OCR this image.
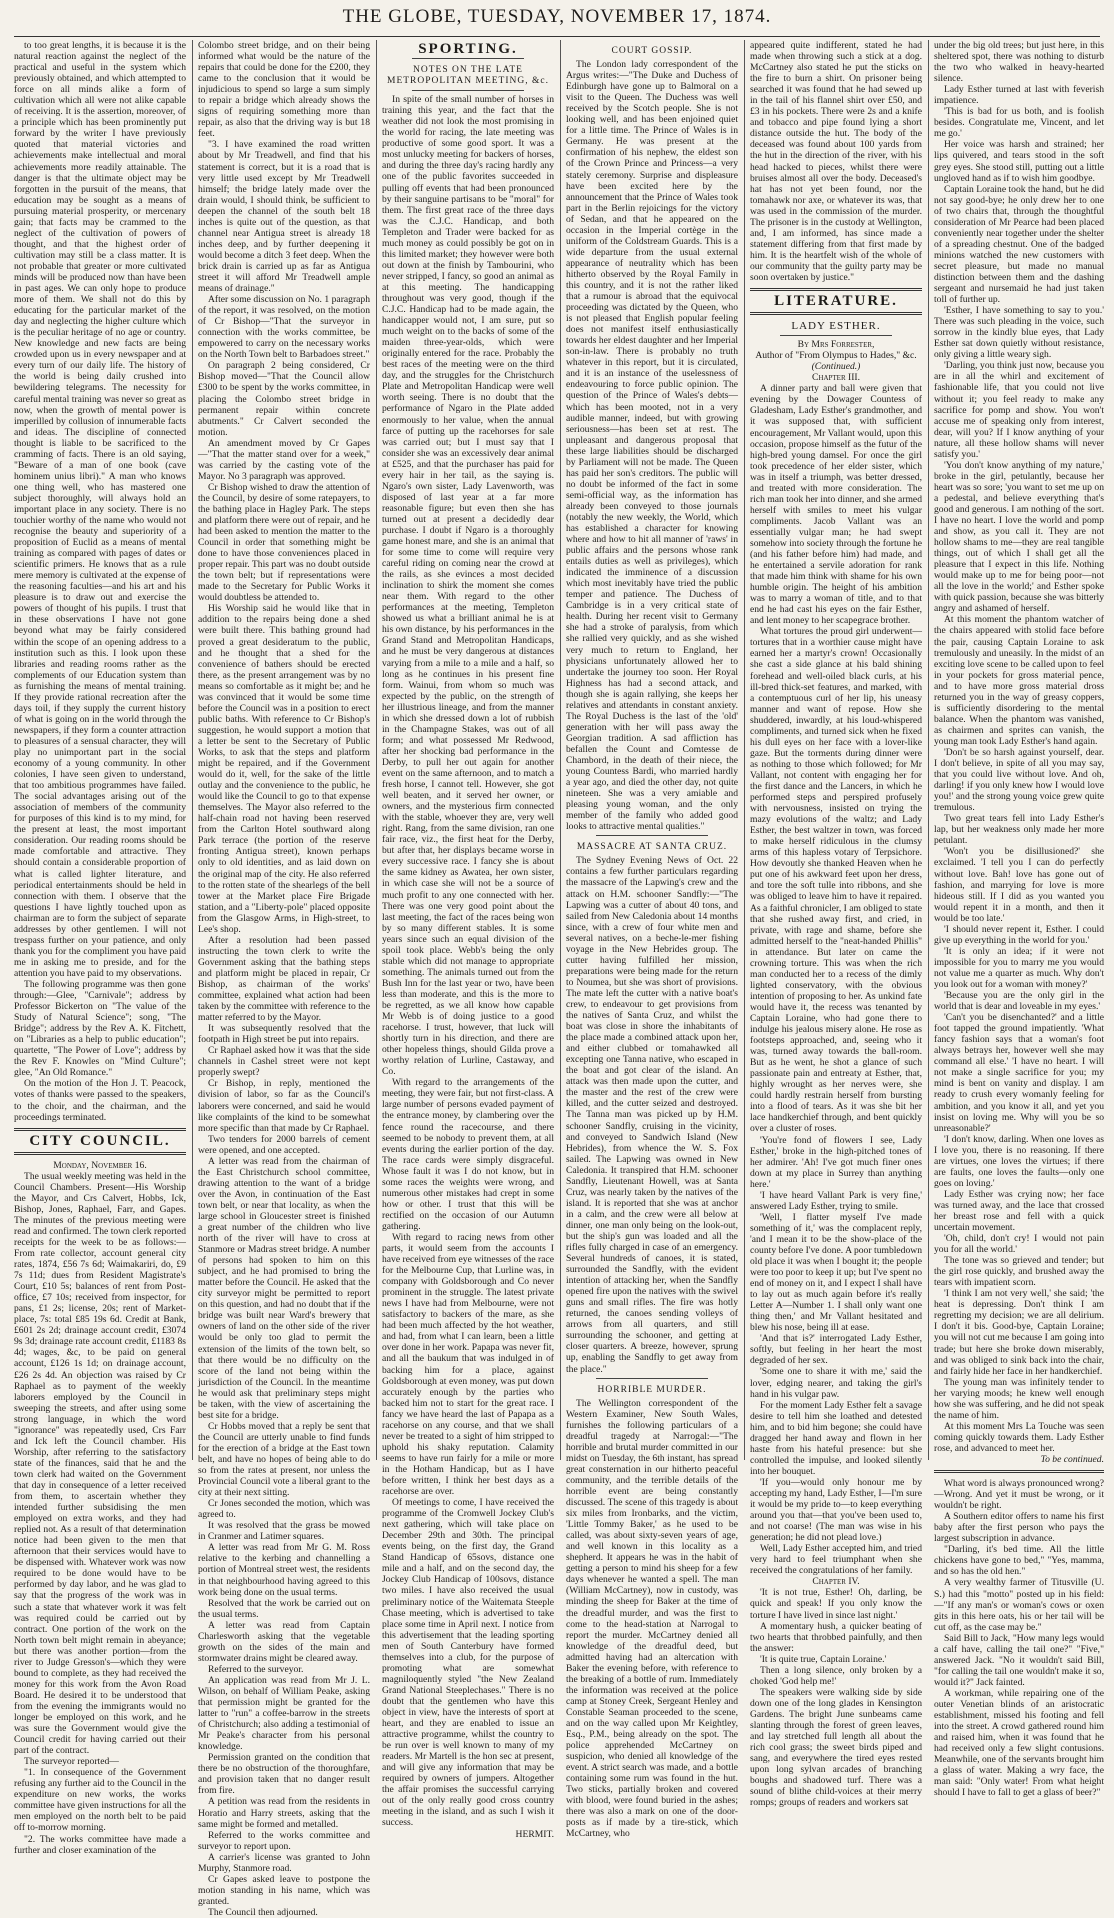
THE GLOBE, TUESDAY, NOVEMBER 17, 1874.

to too great lengths, it is because it is the natural reaction against the neglect of the practical and useful in the system which previously obtained, and which attempted to force on all minds alike a form of cultivation which all were not alike capable of receiving. It is the assertion, moreover, of a principle which has been prominently put forward by the writer I have previously quoted that material victories and achievements make intellectual and moral achievements more readily attainable. The danger is that the ultimate object may be forgotten in the pursuit of the means, that education may be sought as a means of pursuing material prosperity, or mercenary gain; that facts may be crammed to the neglect of the cultivation of powers of thought, and that the highest order of cultivation may still be a class matter. It is not probable that greater or more cultivated minds will be produced now than have been in past ages. We can only hope to produce more of them. We shall not do this by educating for the particular market of the day and neglecting the higher culture which is the peculiar heritage of no age or country. New knowledge and new facts are being crowded upon us in every newspaper and at every turn of our daily life. The history of the world is being daily crushed into bewildering telegrams. The necessity for careful mental training was never so great as now, when the growth of mental power is imperilled by collusion of innumerable facts and ideas. The discipline of connected thought is liable to be sacrificed to the cramming of facts. There is an old saying, "Beware of a man of one book (cave hominem unius libri)." A man who knows one thing well, who has mastered one subject thoroughly, will always hold an important place in any society. There is no touchier worthy of the name who would not recognise the beauty and superiority of a proposition of Euclid as a means of mental training as compared with pages of dates or scientific primers. He knows that as a rule mere memory is cultivated at the expense of the reasoning faculties—and his art and his pleasure is to draw out and exercise the powers of thought of his pupils. I trust that in these observations I have not gone beyond what may be fairly considered within the scope of an opening address to a institution such as this. I look upon these libraries and reading rooms rather as the complements of our Education system than as furnishing the means of mental training. If they provide rational recreation after the days toil, if they supply the current history of what is going on in the world through the newspapers, if they form a counter attraction to pleasures of a sensual character, they will play no unimportant part in the social economy of a young community. In other colonies, I have seen given to understand, that too ambitious programmes have failed. The social advantages arising out of the association of members of the community for purposes of this kind is to my mind, for the present at least, the most important consideration. Our reading rooms should be made comfortable and attractive. They should contain a considerable proportion of what is called lighter literature, and periodical entertainments should be held in connection with them. I observe that the questions I have lightly touched upon as chairman are to form the subject of separate addresses by other gentlemen. I will not trespass further on your patience, and only thank you for the compliment you have paid me in asking me to preside, and for the attention you have paid to my observations.

The following programme was then gone through:—Glee, "Carnivale"; address by Professor Bickerton on "The value of the Study of Natural Science"; song, "The Bridge"; address by the Rev A. K. Fitchett, on "Libraries as a help to public education"; quartette, "The Power of Love"; address by the Rev F. Knowles on "Mind Culture"; glee, "An Old Romance."

On the motion of the Hon J. T. Peacock, votes of thanks were passed to the speakers, to the choir, and the chairman, and the proceedings terminated.

CITY COUNCIL.

Monday, November 16.

The usual weekly meeting was held in the Council Chambers. Present—His Worship the Mayor, and Crs Calvert, Hobbs, Ick, Bishop, Jones, Raphael, Farr, and Gapes. The minutes of the previous meeting were read and confirmed. The town clerk reported receipts for the week to be as follows:—From rate collector, account general city rates, 1874, £56 7s 6d; Waimakariri, do, £9 7s 11d; dues from Resident Magistrate's Court, £10 5s; balances of rent from Post-office, £7 10s; received from inspector, for pans, £1 2s; license, 20s; rent of Market-place, 7s: total £85 19s 6d. Credit at Bank, £601 2s 2d; drainage account credit, £3074 9s 3d; drainage rate account credit, £1183 8s 4d; wages, &c, to be paid on general account, £126 1s 1d; on drainage account, £26 2s 4d. An objection was raised by Cr Raphael as to payment of the weekly laborers employed by the Council in sweeping the streets, and after using some strong language, in which the word "ignorance" was repeatedly used, Crs Farr and Ick left the Council chamber. His Worship, after referring to the satisfactory state of the finances, said that he and the town clerk had waited on the Government that day in consequence of a letter received from them, to ascertain whether they intended further subsidising the men employed on extra works, and they had replied not. As a result of that determination notice had been given to the men that afternoon that their services would have to be dispensed with. Whatever work was now required to be done would have to be performed by day labor, and he was glad to say that the progress of the work was in such a state that whatever work it was felt was required could be carried out by contract. One portion of the work on the North town belt might remain in abeyance; but there was another portion—from the river to Judge Gresson's—which they were bound to complete, as they had received the money for this work from the Avon Road Board. He desired it to be understood that from the evening the immigrants would no longer be employed on this work, and he was sure the Government would give the Council credit for having carried out their part of the contract.

The surveyor reported—

"1. In consequence of the Government refusing any further aid to the Council in the expenditure on new works, the works committee have given instructions for all the men employed on the north belt to be paid off to-morrow morning.

"2. The works committee have made a further and closer examination of the

Colombo street bridge, and on their being informed what would be the nature of the repairs that could be done for the £200, they came to the conclusion that it would be injudicious to spend so large a sum simply to repair a bridge which already shows the signs of requiring something more than repair, as also that the driving way is but 18 feet.

"3. I have examined the road written about by Mr Treadwell, and find that his statement is correct, but it is a road that is very little used except by Mr Treadwell himself; the bridge lately made over the drain would, I should think, be sufficient to deepen the channel of the south belt 18 inches is quite out of the question, as that channel near Antigua street is already 18 inches deep, and by further deepening it would become a ditch 3 feet deep. When the brick drain is carried up as far as Antigua street it will afford Mr Treadwell ample means of drainage."

After some discussion on No. 1 paragraph of the report, it was resolved, on the motion of Cr Bishop—"That the surveyor in connection with the works committee, be empowered to carry on the necessary works on the North Town belt to Barbadoes street."

On paragraph 2 being considered, Cr Bishop moved—"That the Council allow £300 to be spent by the works committee, in placing the Colombo street bridge in permanent repair within concrete abutments." Cr Calvert seconded the motion.

An amendment moved by Cr Gapes—"That the matter stand over for a week," was carried by the casting vote of the Mayor. No 3 paragraph was approved.

Cr Bishop wished to draw the attention of the Council, by desire of some ratepayers, to the bathing place in Hagley Park. The steps and platform there were out of repair, and he had been asked to mention the matter to the Council in order that something might be done to have those conveniences placed in proper repair. This part was no doubt outside the town belt; but if representations were made to the Secretary for Public Works it would doubtless be attended to.

His Worship said he would like that in addition to the repairs being done a shed were built there. This bathing ground had proved a great desideratum to the public, and he thought that a shed for the convenience of bathers should be erected there, as the present arrangement was by no means so comfortable as it might be; and he was convinced that it would be some time before the Council was in a position to erect public baths. With reference to Cr Bishop's suggestion, he would support a motion that a letter be sent to the Secretary of Public Works, to ask that the steps and platform might be repaired, and if the Government would do it, well, for the sake of the little outlay and the convenience to the public, he would like the Council to go to that expense themselves. The Mayor also referred to the half-chain road not having been reserved from the Carlton Hotel southward along Park terrace (the portion of the reserve fronting Antigua street), known perhaps only to old identities, and as laid down on the original map of the city. He also referred to the rotten state of the shearlegs of the bell tower at the Market place Fire Brigade station, and a "Liberty-pole" placed opposite from the Glasgow Arms, in High-street, to Lee's shop.

After a resolution had been passed instructing the town clerk to write the Government asking that the bathing steps and platform might be placed in repair, Cr Bishop, as chairman of the works' committee, explained what action had been taken by the committee with reference to the matter referred to by the Mayor.

It was subsequently resolved that the footpath in High street be put into repairs.

Cr Raphael asked how it was that the side channels in Cashel street were not kept properly swept?

Cr Bishop, in reply, mentioned the division of labor, so far as the Council's laborers were concerned, and said he would like complaints of the kind to be somewhat more specific than that made by Cr Raphael.

Two tenders for 2000 barrels of cement were opened, and one accepted.

A letter was read from the chairman of the East Christchurch school committee, drawing attention to the want of a bridge over the Avon, in continuation of the East town belt, or near that locality, as when the large school in Gloucester street is finished a great number of the children who live north of the river will have to cross at Stanmore or Madras street bridge. A number of persons had spoken to him on this subject, and he had promised to bring the matter before the Council. He asked that the city surveyor might be permitted to report on this question, and had no doubt that if the bridge was built near Ward's brewery that owners of land on the other side of the river would be only too glad to permit the extension of the limits of the town belt, so that there would be no difficulty on the score of the land not being within the jurisdiction of the Council. In the meantime he would ask that preliminary steps might be taken, with the view of ascertaining the best site for a bridge.

Cr Hobbs moved that a reply be sent that the Council are utterly unable to find funds for the erection of a bridge at the East town belt, and have no hopes of being able to do so from the rates at present, nor unless the Provincial Council vote a liberal grant to the city at their next sitting.

Cr Jones seconded the motion, which was agreed to.

It was resolved that the grass be mowed in Cranmer and Latimer squares.

A letter was read from Mr G. M. Ross relative to the kerbing and channelling a portion of Montreal street west, the residents in that neighbourhood having agreed to this work being done on the usual terms.

Resolved that the work be carried out on the usual terms.

A letter was read from Captain Charlesworth asking that the vegetable growth on the sides of the main and stormwater drains might be cleared away.

Referred to the surveyor.

An application was read from Mr J. L. Wilson, on behalf of William Peake, asking that permission might be granted for the latter to "run" a coffee-barrow in the streets of Christchurch; also adding a testimonial of Mr Peake's character from his personal knowledge.

Permission granted on the condition that there be no obstruction of the thoroughfare, and provision taken that no danger result from fire.

A petition was read from the residents in Horatio and Harry streets, asking that the same might be formed and metalled.

Referred to the works committee and surveyor to report upon.

A carrier's license was granted to John Murphy, Stanmore road.

Cr Gapes asked leave to postpone the motion standing in his name, which was granted.

The Council then adjourned.

SPORTING.
NOTES ON THE LATE METROPOLITAN MEETING, &c.

In spite of the small number of horses in training this year, and the fact that the weather did not look the most promising in the world for racing, the late meeting was productive of some good sport. It was a most unlucky meeting for backers of horses, and during the three day's racing hardly any one of the public favorites succeeded in pulling off events that had been pronounced by their sanguine partisans to be "moral" for them. The first great race of the three days was the C.J.C. Handicap, and both Templeton and Trader were backed for as much money as could possibly be got on in this limited market; they however were both out down at the finish by Tambourini, who never stripped, I fancy, so good an animal as at this meeting. The handicapping throughout was very good, though if the C.J.C. Handicap had to be made again, the handicapper would not, I am sure, put so much weight on to the backs of some of the maiden three-year-olds, which were originally entered for the race. Probably the best races of the meeting were on the third day, and the struggles for the Christchurch Plate and Metropolitan Handicap were well worth seeing. There is no doubt that the performance of Ngaro in the Plate added enormously to her value, when the annual farce of putting up the racehorses for sale was carried out; but I must say that I consider she was an excessively dear animal at £525, and that the purchaser has paid for every hair in her tail, as the saying is. Ngaro's own sister, Lady Lavenworth, was disposed of last year at a far more reasonable figure; but even then she has turned out at present a decidedly dear purchase. I doubt if Ngaro is a thoroughly game honest mare, and she is an animal that for some time to come will require very careful riding on coming near the crowd at the rails, as she evinces a most decided inclination to shirk the moment she comes near them. With regard to the other performances at the meeting, Templeton showed us what a brilliant animal he is at his own distance, by his performances in the Grand Stand and Metropolitan Handicaps, and he must be very dangerous at distances varying from a mile to a mile and a half, so long as he continues in his present fine form. Wainui, from whom so much was expected by the public, on the strength of her illustrious lineage, and from the manner in which she dressed down a lot of rubbish in the Champagne Stakes, was out of all form; and what possessed Mr Redwood, after her shocking bad performance in the Derby, to pull her out again for another event on the same afternoon, and to match a fresh horse, I cannot tell. However, she got well beaten, and it served her owner, or owners, and the mysterious firm connected with the stable, whoever they are, very well right. Rang, from the same division, ran one fair race, viz., the first heat for the Derby, but after that, her displays became worse in every successive race. I fancy she is about the same kidney as Awatea, her own sister, in which case she will not be a source of much profit to any one connected with her. There was one very good point about the last meeting, the fact of the races being won by so many different stables. It is some years since such an equal division of the spoil took place. Webb's being the only stable which did not manage to appropriate something. The animals turned out from the Bush Inn for the last year or two, have been less than moderate, and this is the more to be regretted, as we all know how capable Mr Webb is of doing justice to a good racehorse. I trust, however, that luck will shortly turn in his direction, and there are other hopeless things, should Gilda prove a worthy relation of Lurline, Castaway, and Co.

With regard to the arrangements of the meeting, they were fair, but not first-class. A large number of persons evaded payment of the entrance money, by clambering over the fence round the racecourse, and there seemed to be nobody to prevent them, at all events during the earlier portion of the day. The race cards were simply disgraceful. Whose fault it was I do not know, but in some races the weights were wrong, and numerous other mistakes had crept in some how or other. I trust that this will be rectified on the occasion of our Autumn gathering.

With regard to racing news from other parts, it would seem from the accounts I have received from eye witnesses of the race for the Melbourne Cup, that Lurline was, in company with Goldsborough and Co never prominent in the struggle. The latest private news I have had from Melbourne, were not satisfactory to backers of the mare, as she had been much affected by the hot weather, and had, from what I can learn, been a little over done in her work. Papapa was never fit, and all the baukum that was indulged in of backing him for a place, against Goldsborough at even money, was put down accurately enough by the parties who backed him not to start for the great race. I fancy we have heard the last of Papapa as a racehorse on any course, and that we shall never be treated to a sight of him stripped to uphold his shaky reputation. Calamity seems to have run fairly for a mile or more in the Hotham Handicap, but as I have before written, I think her best days as a racehorse are over.

Of meetings to come, I have received the programme of the Cromwell Jockey Club's next gathering, which will take place on December 29th and 30th. The principal events being, on the first day, the Grand Stand Handicap of 65sovs, distance one mile and a half, and on the second day, the Jockey Club Handicap of 100sovs, distance two miles. I have also received the usual preliminary notice of the Waitemata Steeple Chase meeting, which is advertised to take place some time in April next. I notice from this advertisement that the leading sporting men of South Canterbury have formed themselves into a club, for the purpose of promoting what are somewhat magniloquently styled "the New Zealand Grand National Steeplechases." There is no doubt that the gentlemen who have this object in view, have the interests of sport at heart, and they are enabled to issue an attractive programme, whilst the country to be run over is well known to many of my readers. Mr Martell is the hon sec at present, and will give any information that may be required by owners of jumpers. Altogether the affair promises the successful carrying out of the only really good cross country meeting in the island, and as such I wish it success.

HERMIT.

COURT GOSSIP.

The London lady correspondent of the Argus writes:—"The Duke and Duchess of Edinburgh have gone up to Balmoral on a visit to the Queen. The Duchess was well received by the Scotch people. She is not looking well, and has been enjoined quiet for a little time. The Prince of Wales is in Germany. He was present at the confirmation of his nephew, the eldest son of the Crown Prince and Princess—a very stately ceremony. Surprise and displeasure have been excited here by the announcement that the Prince of Wales took part in the Berlin rejoicings for the victory of Sedan, and that he appeared on the occasion in the Imperial cortège in the uniform of the Coldstream Guards. This is a wide departure from the usual external appearance of neutrality which has been hitherto observed by the Royal Family in this country, and it is not the rather liked that a rumour is abroad that the equivocal proceeding was dictated by the Queen, who is not pleased that English popular feeling does not manifest itself enthusiastically towards her eldest daughter and her Imperial son-in-law. There is probably no truth whatever in this report, but it is circulated, and it is an instance of the uselessness of endeavouring to force public opinion. The question of the Prince of Wales's debts—which has been mooted, not in a very audible manner, indeed, but with growing seriousness—has been set at rest. The unpleasant and dangerous proposal that these large liabilities should be discharged by Parliament will not be made. The Queen has paid her son's creditors. The public will no doubt be informed of the fact in some semi-official way, as the information has already been conveyed to those journals (notably the new weekly, the World, which has established a character for knowing where and how to hit all manner of 'raws' in public affairs and the persons whose rank entails duties as well as privileges), which indicated the imminence of a discussion which most inevitably have tried the public temper and patience. The Duchess of Cambridge is in a very critical state of health. During her recent visit to Germany she had a stroke of paralysis, from which she rallied very quickly, and as she wished very much to return to England, her physicians unfortunately allowed her to undertake the journey too soon. Her Royal Highness has had a second attack, and though she is again rallying, she keeps her relatives and attendants in constant anxiety. The Royal Duchess is the last of the 'old' generation with her will pass away the Georgian tradition. A sad affliction has befallen the Count and Comtesse de Chambord, in the death of their niece, the young Countess Bardi, who married hardly a year ago, and died the other day, not quite nineteen. She was a very amiable and pleasing young woman, and the only member of the family who added good looks to attractive mental qualities."

MASSACRE AT SANTA CRUZ.

The Sydney Evening News of Oct. 22 contains a few further particulars regarding the massacre of the Lapwing's crew and the attack on H.M. schooner Sandfly:—"The Lapwing was a cutter of about 40 tons, and sailed from New Caledonia about 14 months since, with a crew of four white men and several natives, on a beche-le-mer fishing voyage in the New Hebrides group. The cutter having fulfilled her mission, preparations were being made for the return to Noumea, but she was short of provisions. The mate left the cutter with a native boat's crew, to endeavour to get provisions from the natives of Santa Cruz, and whilst the boat was close in shore the inhabitants of the place made a combined attack upon her, and either clubbed or tomahawked all excepting one Tanna native, who escaped in the boat and got clear of the island. An attack was then made upon the cutter, and the master and the rest of the crew were killed, and the cutter seized and destroyed. The Tanna man was picked up by H.M. schooner Sandfly, cruising in the vicinity, and conveyed to Sandwich Island (New Hebrides), from whence the W. S. Fox sailed. The Lapwing was owned in New Caledonia. It transpired that H.M. schooner Sandfly, Lieutenant Howell, was at Santa Cruz, was nearly taken by the natives of the island. It is reported that she was at anchor in a calm, and the crew were all below at dinner, one man only being on the look-out, but the ship's gun was loaded and all the rifles fully charged in case of an emergency. Several hundreds of canoes, it is stated, surrounded the Sandfly, with the evident intention of attacking her, when the Sandfly opened fire upon the natives with the swivel guns and small rifles. The fire was hotly returned, the canoes sending volleys of arrows from all quarters, and still surrounding the schooner, and getting at closer quarters. A breeze, however, sprung up, enabling the Sandfly to get away from the place."

HORRIBLE MURDER.

The Wellington correspondent of the Western Examiner, New South Wales, furnishes the following particulars of a dreadful tragedy at Narrogal:—"The horrible and brutal murder committed in our midst on Tuesday, the 6th instant, has spread great consternation in our hitherto peaceful community, and the terrible details of the horrible event are being constantly discussed. The scene of this tragedy is about six miles from Ironbarks, and the victim, 'Little Tommy Baker,' as he used to be called, was about sixty-seven years of age, and well known in this locality as a shepherd. It appears he was in the habit of getting a person to mind his sheep for a few days whenever he wanted a spell. The man (William McCartney), now in custody, was minding the sheep for Baker at the time of the dreadful murder, and was the first to come to the head-station at Narrogal to report the murder. McCartney denied all knowledge of the dreadful deed, but admitted having had an altercation with Baker the evening before, with reference to the breaking of a bottle of rum. Immediately the information was received at the police camp at Stoney Creek, Sergeant Henley and Constable Seaman proceeded to the scene, and on the way called upon Mr Keightley, Esq., P.M., being already on the spot. The police apprehended McCartney on suspicion, who denied all knowledge of the event. A strict search was made, and a bottle containing some rum was found in the hut. Two sticks, partially broken and covered with blood, were found buried in the ashes; there was also a mark on one of the door-posts as if made by a tire-stick, which McCartney, who

appeared quite indifferent, stated he had made when throwing such a stick at a dog. McCartney also stated he put the sticks on the fire to burn a shirt. On prisoner being searched it was found that he had sewed up in the tail of his flannel shirt over £50, and £3 in his pockets. There were 2s and a knife and tobacco and pipe found lying a short distance outside the hut. The body of the deceased was found about 100 yards from the hut in the direction of the river, with his head hacked to pieces, whilst there were bruises almost all over the body. Deceased's hat has not yet been found, nor the tomahawk nor axe, or whatever its was, that was used in the commission of the murder. The prisoner is in the custody at Wellington, and, I am informed, has since made a statement differing from that first made by him. It is the heartfelt wish of the whole of our community that the guilty party may be soon overtaken by justice."

LITERATURE.
LADY ESTHER.

By Mrs Forrester,

Author of "From Olympus to Hades," &c.

(Continued.)

Chapter III.

A dinner party and ball were given that evening by the Dowager Countess of Gladesham, Lady Esther's grandmother, and it was supposed that, with sufficient encouragement, Mr Vallant would, upon this occasion, propose himself as the futur of the high-bred young damsel. For once the girl took precedence of her elder sister, which was in itself a triumph, was better dressed, and treated with more consideration. The rich man took her into dinner, and she armed herself with smiles to meet his vulgar compliments. Jacob Vallant was an essentially vulgar man; he had swept somehow into society through the fortune he (and his father before him) had made, and he entertained a servile adoration for rank that made him think with shame for his own humble origin. The height of his ambition was to marry a woman of title, and to that end he had cast his eyes on the fair Esther, and lent money to her scapegrace brother.

What tortures the proud girl underwent—tortures that in a worthier cause might have earned her a martyr's crown! Occasionally she cast a side glance at his bald shining forehead and well-oiled black curls, at his ill-bred thick-set features, and marked, with a contemptuous curl of her lip, his uneasy manner and want of repose. How she shuddered, inwardly, at his loud-whispered compliments, and turned sick when he fixed his dull eyes on her face with a lover-like gaze. But the torments during dinner were as nothing to those which followed; for Mr Vallant, not content with engaging her for the first dance and the Lancers, in which he performed steps and perspired profusely with nervousness, insisted on trying the mazy evolutions of the waltz; and Lady Esther, the best waltzer in town, was forced to make herself ridiculous in the clumsy arms of this hapless votary of Terpsichore. How devoutly she thanked Heaven when he put one of his awkward feet upon her dress, and tore the soft tulle into ribbons, and she was obliged to leave him to have it repaired. As a faithful chronicler, I am obliged to state that she rushed away first, and cried, in private, with rage and shame, before she admitted herself to the "neat-handed Phillis" in attendance. But later on came the crowning torture. This was when the rich man conducted her to a recess of the dimly lighted conservatory, with the obvious intention of proposing to her. As unkind fate would have it, the recess was tenanted by Captain Loraine, who had gone there to indulge his jealous misery alone. He rose as footsteps approached, and, seeing who it was, turned away towards the ball-room. But as he went, he shot a glance of such passionate pain and entreaty at Esther, that, highly wrought as her nerves were, she could hardly restrain herself from bursting into a flood of tears. As it was she bit her lace handkerchief through, and bent quickly over a cluster of roses.

'You're fond of flowers I see, Lady Esther,' broke in the high-pitched tones of her admirer. 'Ah! I've got much finer ones down at my place in Surrey than anything here.'

'I have heard Vallant Park is very fine,' answered Lady Esther, trying to smile.

'Well, I flatter myself I've made something of it,' was the complacent reply, 'and I mean it to be the show-place of the county before I've done. A poor tumbledown old place it was when I bought it; the people were too poor to keep it up; but I've spent no end of money on it, and I expect I shall have to lay out as much again before it's really Letter A—Number 1. I shall only want one thing then,' and Mr Vallant hesitated and blew his nose, being ill at ease.

'And that is?' interrogated Lady Esther, softly, but feeling in her heart the most degraded of her sex.

'Some one to share it with me,' said the lover, edging nearer, and taking the girl's hand in his vulgar paw.

For the moment Lady Esther felt a savage desire to tell him she loathed and detested him, and to bid him begone; she could have dragged her hand away and flown in her haste from his hateful presence: but she controlled the impulse, and looked silently into her bouquet.

'If you—would only honour me by accepting my hand, Lady Esther, I—I'm sure it would be my pride to—to keep everything around you that—that you've been used to, and not coarse! (The man was wise in his generation; he did not plead love.)

Well, Lady Esther accepted him, and tried very hard to feel triumphant when she received the congratulations of her family.

Chapter IV.

'It is not true, Esther! Oh, darling, be quick and speak! If you only know the torture I have lived in since last night.'

A momentary hush, a quicker beating of two hearts that throbbed painfully, and then the answer:

'It is quite true, Captain Loraine.'

Then a long silence, only broken by a choked 'God help me!'

The speakers were walking side by side down one of the long glades in Kensington Gardens. The bright June sunbeams came slanting through the forest of green leaves, and lay stretched full length all about the rich cool grass; the sweet birds piped and sang, and everywhere the tired eyes rested upon long sylvan arcades of branching boughs and shadowed turf. There was a sound of blithe child-voices at their merry romps; groups of readers and workers sat

under the big old trees; but just here, in this sheltered spot, there was nothing to disturb the two who walked in heavy-hearted silence.

Lady Esther turned at last with feverish impatience.

'This is bad for us both, and is foolish besides. Congratulate me, Vincent, and let me go.'

Her voice was harsh and strained; her lips quivered, and tears stood in the soft grey eyes. She stood still, putting out a little ungloved hand as if to wish him goodbye.

Captain Loraine took the hand, but he did not say good-bye; he only drew her to one of two chairs that, through the thoughtful consideration of Mr Pearce had been placed conveniently near together under the shelter of a spreading chestnut. One of the badged minions watched the new customers with secret pleasure, but made no manual distinction between them and the dashing sergeant and nursemaid he had just taken toll of further up.

'Esther, I have something to say to you.' There was such pleading in the voice, such sorrow in the kindly blue eyes, that Lady Esther sat down quietly without resistance, only giving a little weary sigh.

'Darling, you think just now, because you are in all the whirl and excitement of fashionable life, that you could not live without it; you feel ready to make any sacrifice for pomp and show. You won't accuse me of speaking only from interest, dear, will you? If I know anything of your nature, all these hollow shams will never satisfy you.'

'You don't know anything of my nature,' broke in the girl, petulantly, because her heart was so sore; 'you want to set me up on a pedestal, and believe everything that's good and generous. I am nothing of the sort. I have no heart. I love the world and pomp and show, as you call it. They are not hollow shams to me—they are real tangible things, out of which I shall get all the pleasure that I expect in this life. Nothing would make up to me for being poor—not all the love in the world;' and Esther spoke with quick passion, because she was bitterly angry and ashamed of herself.

At this moment the phantom watcher of the chairs appeared with stolid face before the pair, causing Captain Loraine to ask tremulously and uneasily. In the midst of an exciting love scene to be called upon to feel in your pockets for gross material pence, and to have more gross material dross returned you in the way of greasy coppers, is sufficiently disordering to the mental balance. When the phantom was vanished, as chairmen and sprites can vanish, the young man took Lady Esther's hand again.

'Don't be so harsh against yourself, dear. I don't believe, in spite of all you may say, that you could live without love. And oh, darling! if you only knew how I would love you!' and the strong young voice grew quite tremulous.

Two great tears fell into Lady Esther's lap, but her weakness only made her more petulant.

'Won't you be disillusioned?' she exclaimed. 'I tell you I can do perfectly without love. Bah! love has gone out of fashion, and marrying for love is more hideous still. If I did as you wanted you would repent it in a month, and then it would be too late.'

'I should never repent it, Esther. I could give up everything in the world for you.'

'It is only an idea; if it were not impossible for you to marry me you would not value me a quarter as much. Why don't you look out for a woman with money?'

'Because you are the only girl in the world that is dear and loveable in my eyes.'

'Can't you be disenchanted?' and a little foot tapped the ground impatiently. 'What fancy fashion says that a woman's foot always betrays her, however well she may command all else.' 'I have no heart. I will not make a single sacrifice for you; my mind is bent on vanity and display. I am ready to crush every womanly feeling for ambition, and you know it all, and yet you insist on loving me. Why will you be so unreasonable?'

'I don't know, darling. When one loves as I love you, there is no reasoning. If there are virtues, one loves the virtues; if there are faults, one loves the faults—only one goes on loving.'

Lady Esther was crying now; her face was turned away, and the lace that crossed her breast rose and fell with a quick uncertain movement.

'Oh, child, don't cry! I would not pain you for all the world.'

The tone was so grieved and tender; but the girl rose quickly, and brushed away the tears with impatient scorn.

'I think I am not very well,' she said; 'the heat is depressing. Don't think I am regretting my decision; we are all delirium. I don't it bis. Good-bye, Captain Loraine; you will not cut me because I am going into trade; but here she broke down miserably, and was obliged to sink back into the chair, and fairly hide her face in her handkerchief.

The young man was infinitely tender to her varying moods; he knew well enough how she was suffering, and he did not speak the name of him.

At this moment Mrs La Touche was seen coming quickly towards them. Lady Esther rose, and advanced to meet her.

To be continued.

What word is always pronounced wrong? —Wrong. And yet it must be wrong, or it wouldn't be right.

A Southern editor offers to name his first baby after the first person who pays the largest subscription in advance.

"Darling, it's bed time. All the little chickens have gone to bed," "Yes, mamma, and so has the old hen."

A very wealthy farmer of Titusville (U. S.) had this "motto" posted up in his field:—"If any man's or woman's cows or oxen gits in this here oats, his or her tail will be cut off, as the case may be."

Said Bill to Jack, "How many legs would a calf have, calling the tail one?" "Five," answered Jack. "No it wouldn't said Bill, "for calling the tail one wouldn't make it so, would it?" Jack fainted.

A workman, while repairing one of the outer Venetian blinds of an aristocratic establishment, missed his footing and fell into the street. A crowd gathered round him and raised him, when it was found that he had received only a few slight contusions. Meanwhile, one of the servants brought him a glass of water. Making a wry face, the man said: "Only water! From what height should I have to fall to get a glass of beer?"
